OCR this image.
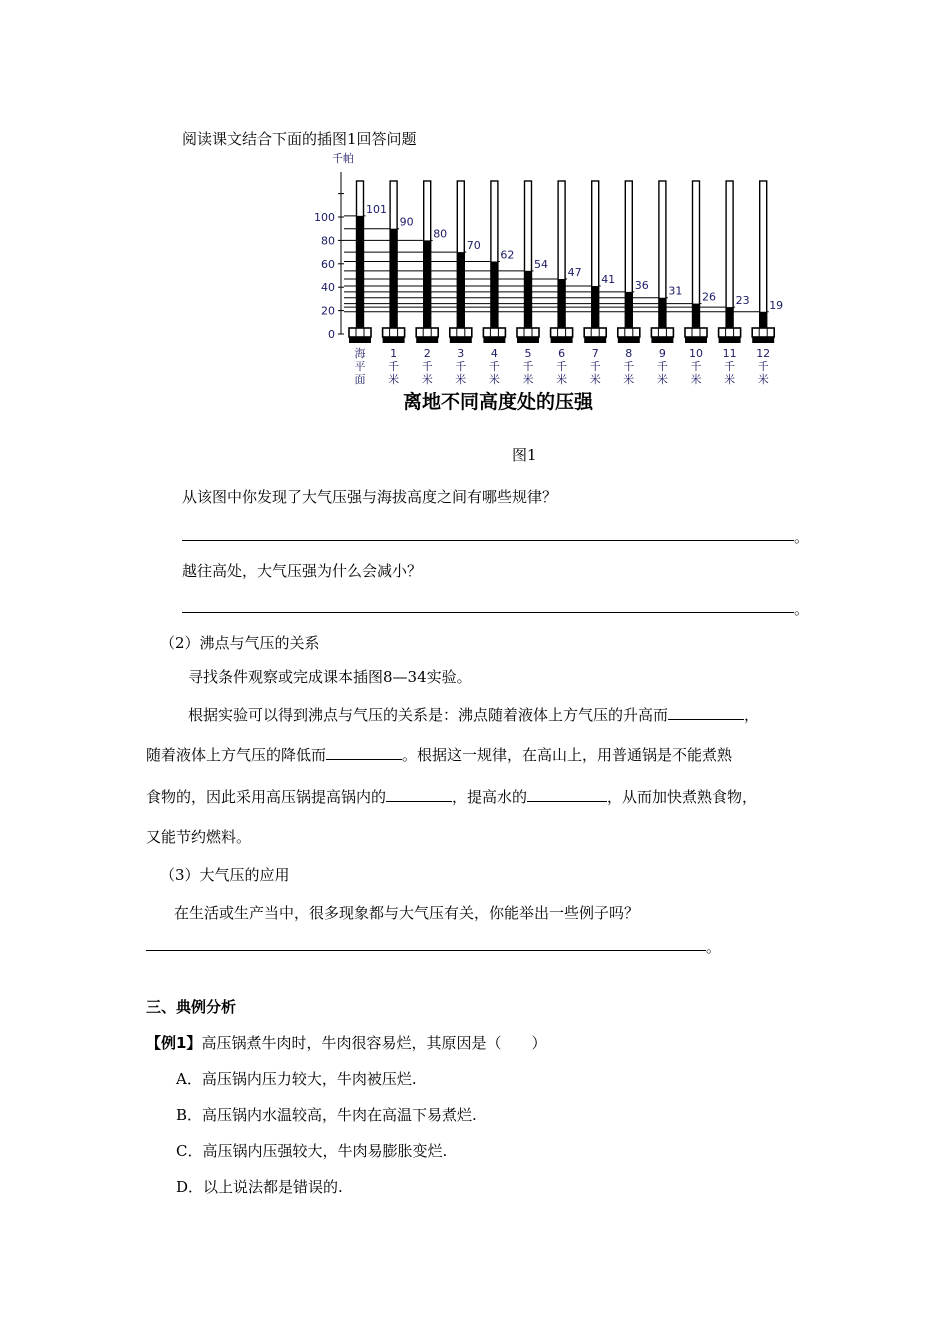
阅读课文结合下面的插图1回答问题
千帕
100
80
60
40
20
0
101
海
平
面
90
1
千
米
80
2
千
米
70
3
千
米
62
4
千
米
54
5
千
米
47
6
千
米
41
7
千
米
36
8
千
米
31
9
千
米
26
10
千
米
23
11
千
米
19
12
千
米
离地不同高度处的压强
图1
从该图中你发现了大气压强与海拔高度之间有哪些规律？
。
越往高处，大气压强为什么会减小？
。
（2）沸点与气压的关系
寻找条件观察或完成课本插图8—34实验。
根据实验可以得到沸点与气压的关系是：沸点随着液体上方气压的升高而	，
随着液体上方气压的降低而	。根据这一规律，在高山上，用普通锅是不能煮熟
食物的，因此采用高压锅提高锅内的	，提高水的	，从而加快煮熟食物，
又能节约燃料。
（3）大气压的应用
在生活或生产当中，很多现象都与大气压有关，你能举出一些例子吗？
。
三、典例分析
【例1】高压锅煮牛肉时，牛肉很容易烂，其原因是（　　）
A．高压锅内压力较大，牛肉被压烂.
B．高压锅内水温较高，牛肉在高温下易煮烂.
C．高压锅内压强较大，牛肉易膨胀变烂.
D．以上说法都是错误的.
